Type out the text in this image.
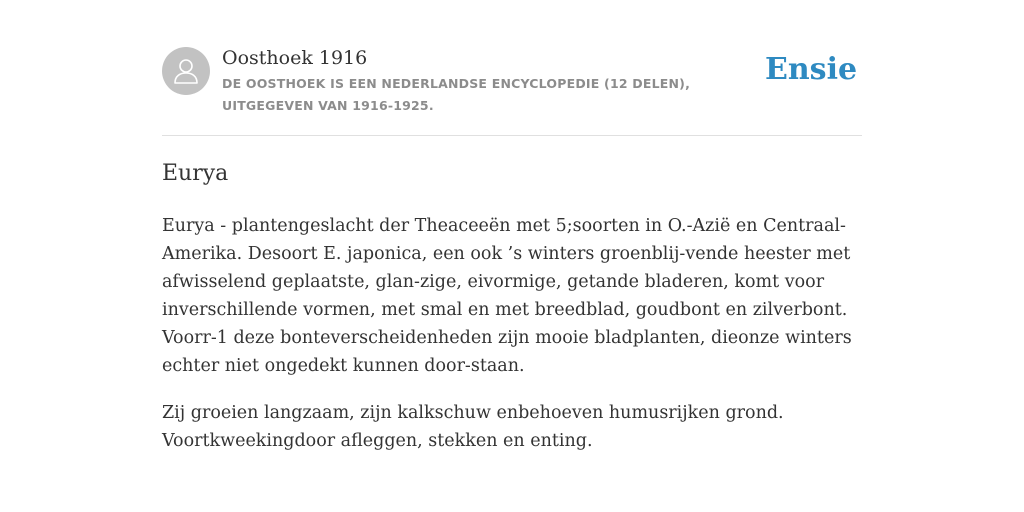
Oosthoek 1916
DE OOSTHOEK IS EEN NEDERLANDSE ENCYCLOPEDIE (12 DELEN), UITGEGEVEN VAN 1916-1925.
Ensie
Eurya

Eurya - plantengeslacht der Theaceeën met 5;soorten in O.-Azië en Centraal-Amerika. Desoort E. japonica, een ook ’s winters groenblij-vende heester met afwisselend geplaatste, glan-zige, eivormige, getande bladeren, komt voor inverschillende vormen, met smal en met breedblad, goudbont en zilverbont. Voorr-1 deze bonteverscheidenheden zijn mooie bladplanten, dieonze winters echter niet ongedekt kunnen door-staan.

Zij groeien langzaam, zijn kalkschuw enbehoeven humusrijken grond. Voortkweekingdoor afleggen, stekken en enting.
